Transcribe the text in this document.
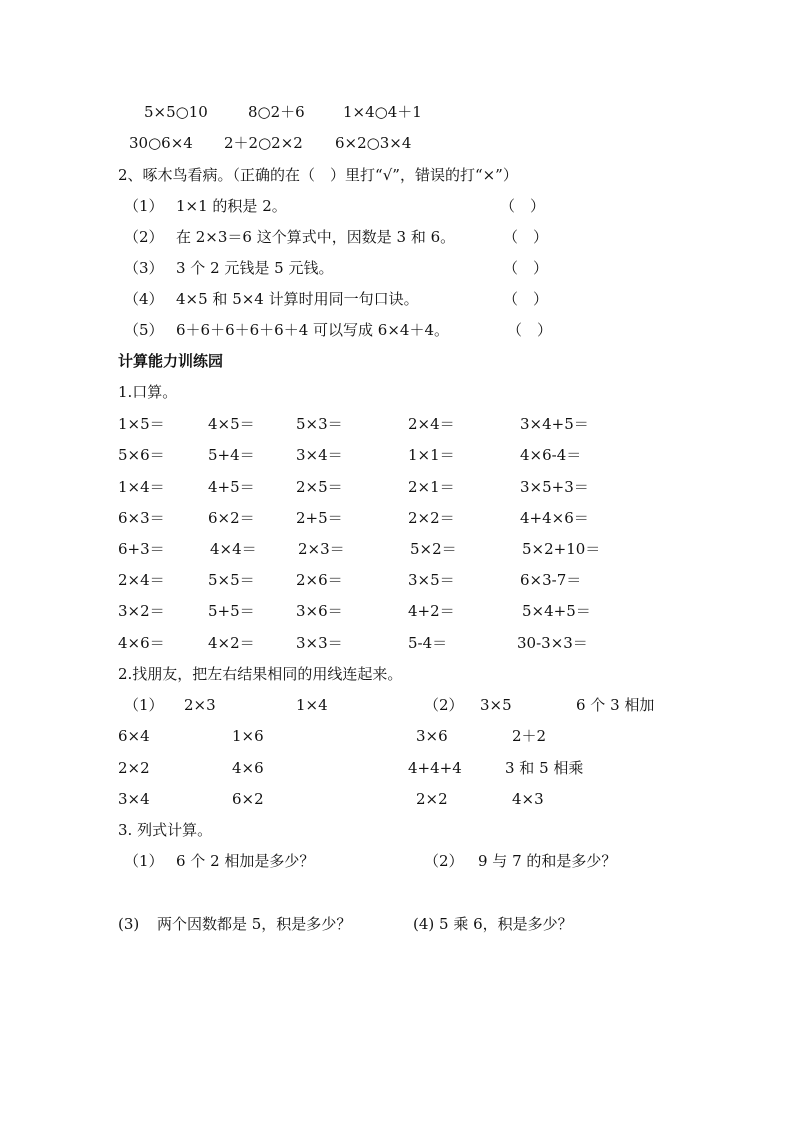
5×5○10	8○2＋6	1×4○4＋1
30○6×4 2＋2○2×2 6×2○3×4
2、啄木鸟看病。（正确的在（　）里打“√”，错误的打“×”）
（1） 1×1 的积是 2。	（　）
（2） 在 2×3＝6 这个算式中，因数是 3 和 6。	（　）
（3） 3 个 2 元钱是 5 元钱。	（　）
（4） 4×5 和 5×4 计算时用同一句口诀。	（　）
（5） 6＋6＋6＋6＋6＋4 可以写成 6×4＋4。	（　）
计算能力训练园
1.口算。
1×5＝	4×5＝	5×3＝	2×4＝	3×4+5＝
5×6＝	5+4＝	3×4＝	1×1＝	4×6-4＝
1×4＝	4+5＝	2×5＝	2×1＝	3×5+3＝
6×3＝	6×2＝	2+5＝	2×2＝	4+4×6＝
6+3＝	4×4＝	2×3＝	5×2＝	5×2+10＝
2×4＝	5×5＝	2×6＝	3×5＝	6×3-7＝
3×2＝	5+5＝	3×6＝	4+2＝	5×4+5＝
4×6＝	4×2＝	3×3＝	5-4＝	30-3×3＝
2.找朋友，把左右结果相同的用线连起来。
（1） 2×3	1×4	（2） 3×5	6 个 3 相加
6×4	1×6	3×6	2＋2
2×2	4×6	4+4+4	3 和 5 相乘
3×4	6×2	2×2	4×3
3. 列式计算。
（1） 6 个 2 相加是多少？	（2） 9 与 7 的和是多少？
(3) 两个因数都是 5，积是多少？	(4) 5 乘 6，积是多少？
